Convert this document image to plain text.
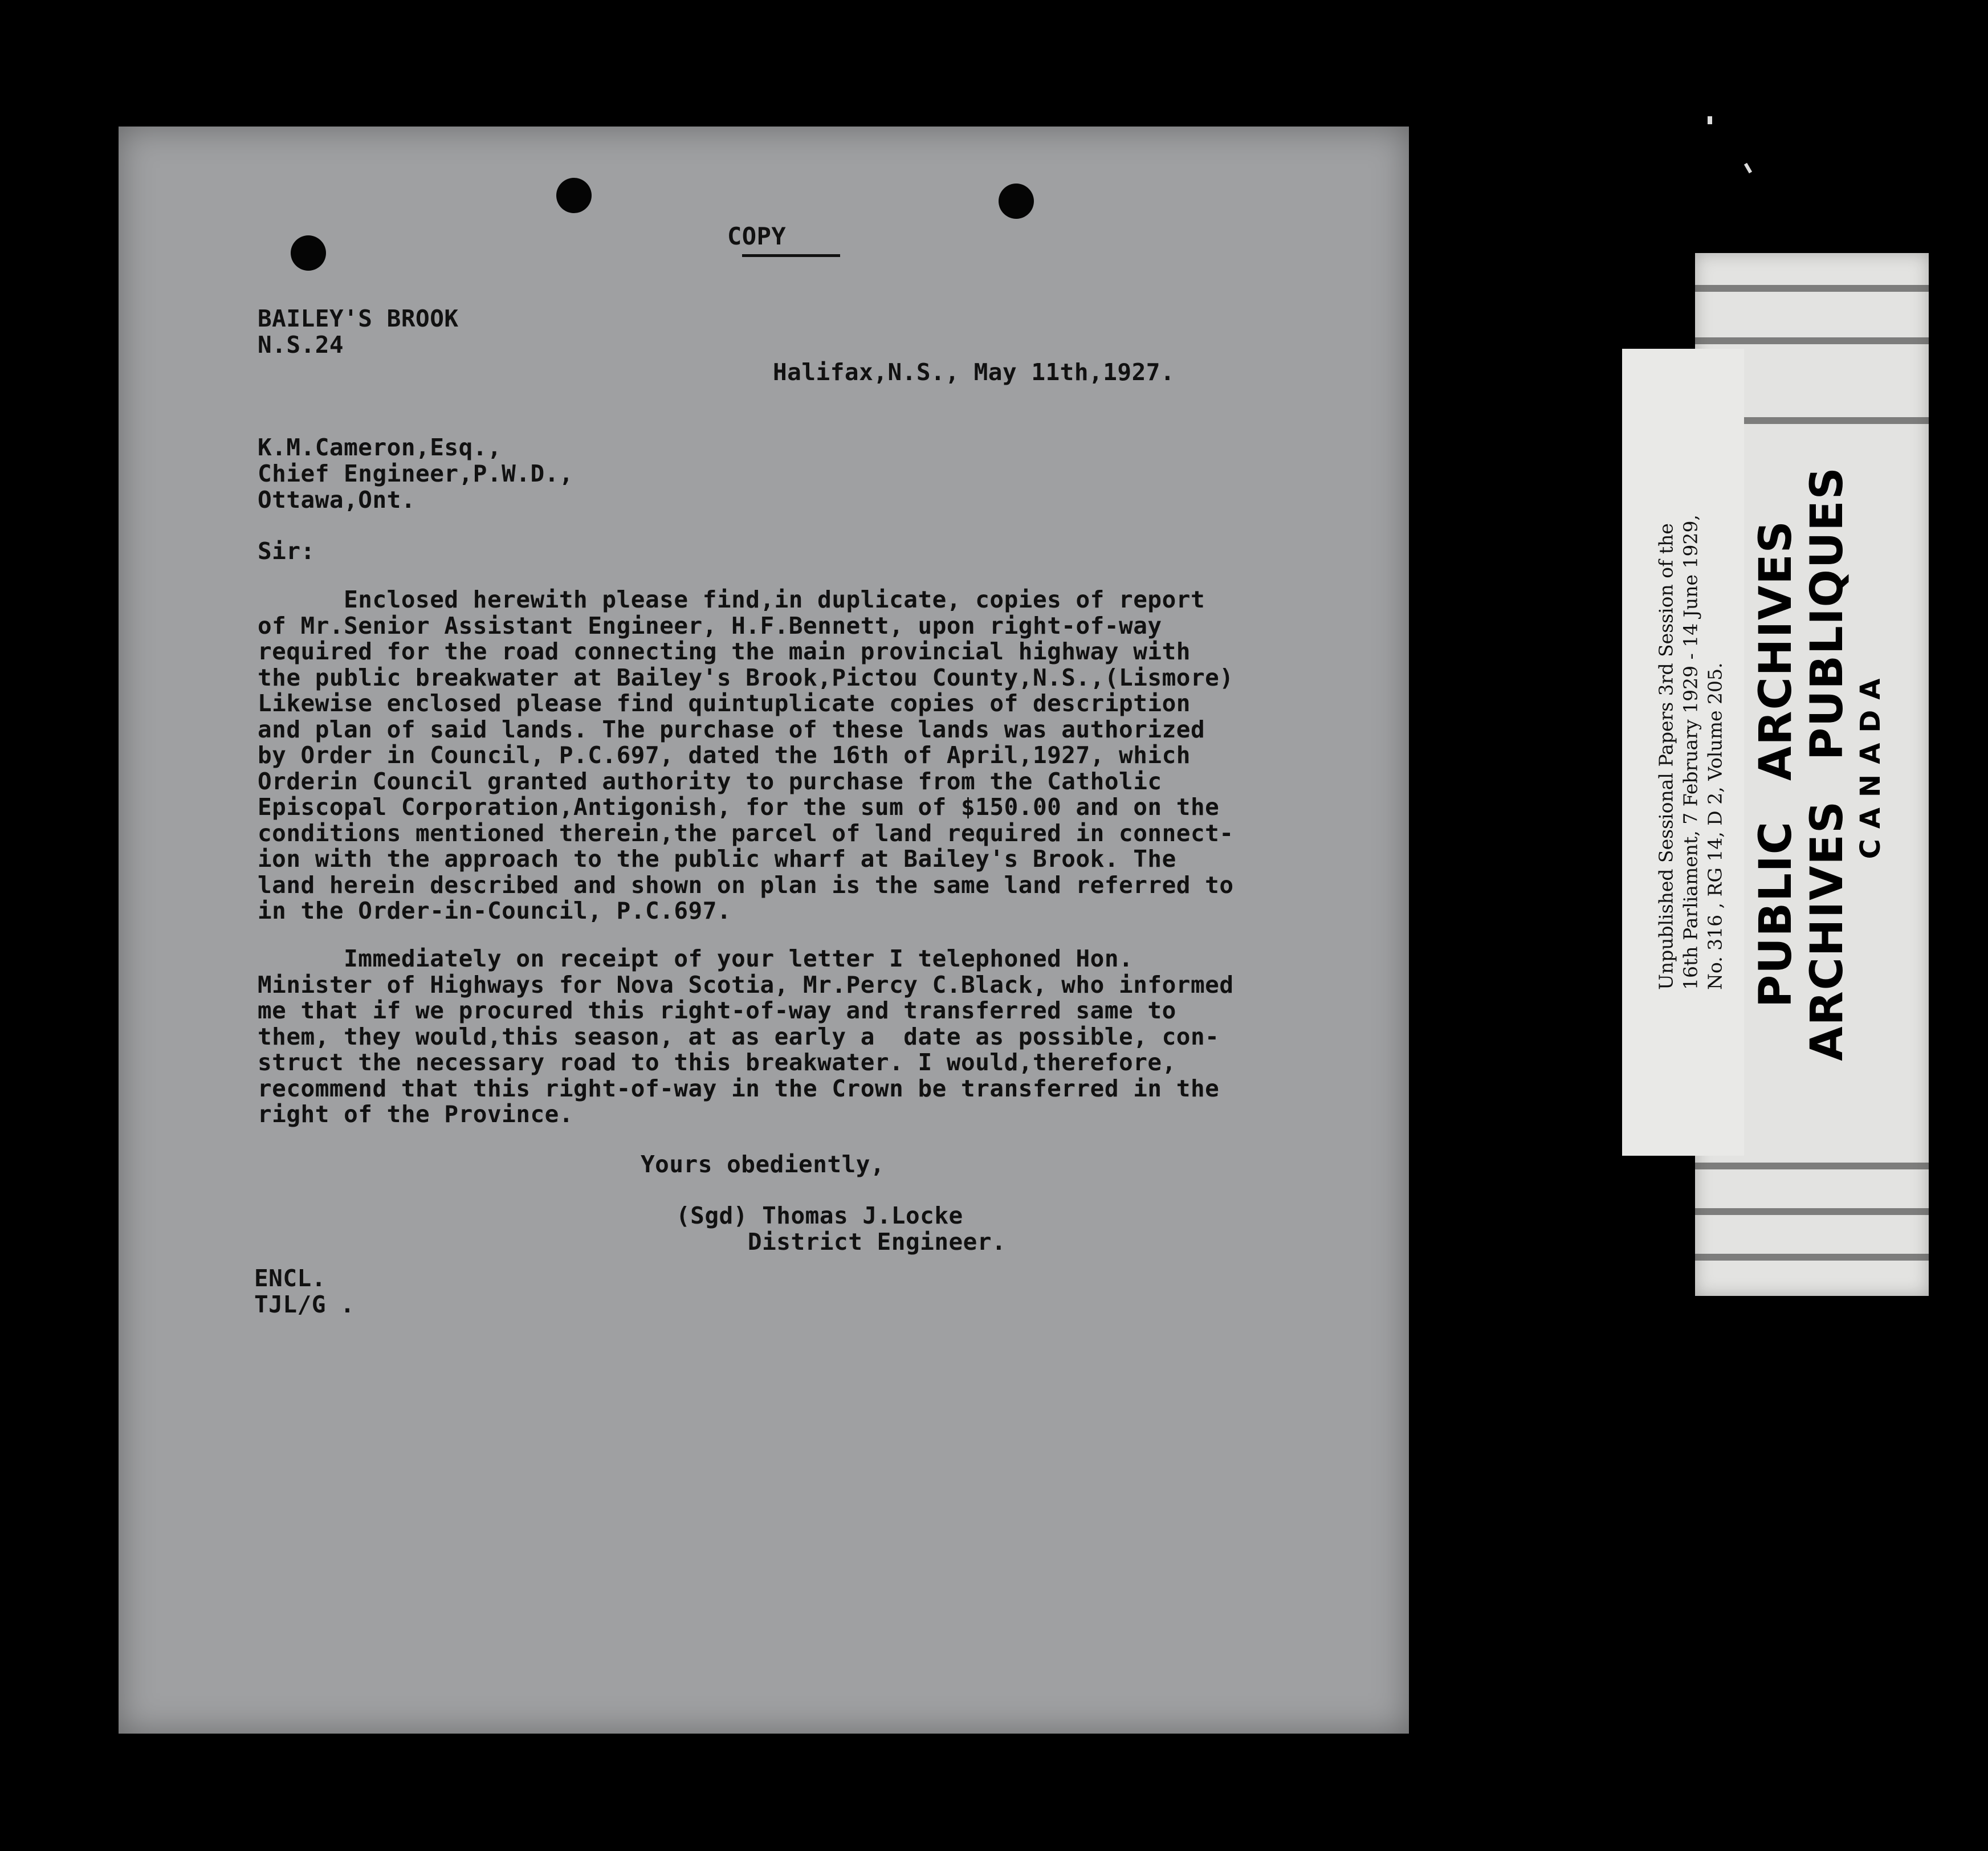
COPY
BAILEY'S BROOK
N.S.24
Halifax,N.S., May 11th,1927.
K.M.Cameron,Esq.,
Chief Engineer,P.W.D.,
Ottawa,Ont.
Sir:
Enclosed herewith please find,in duplicate, copies of report
of Mr.Senior Assistant Engineer, H.F.Bennett, upon right-of-way
required for the road connecting the main provincial highway with
the public breakwater at Bailey's Brook,Pictou County,N.S.,(Lismore)
Likewise enclosed please find quintuplicate copies of description
and plan of said lands. The purchase of these lands was authorized
by Order in Council, P.C.697, dated the 16th of April,1927, which
Orderin Council granted authority to purchase from the Catholic
Episcopal Corporation,Antigonish, for the sum of $150.00 and on the
conditions mentioned therein,the parcel of land required in connect-
ion with the approach to the public wharf at Bailey's Brook. The
land herein described and shown on plan is the same land referred to
in the Order-in-Council, P.C.697.
Immediately on receipt of your letter I telephoned Hon.
Minister of Highways for Nova Scotia, Mr.Percy C.Black, who informed
me that if we procured this right-of-way and transferred same to
them, they would,this season, at as early a  date as possible, con-
struct the necessary road to this breakwater. I would,therefore,
recommend that this right-of-way in the Crown be transferred in the
right of the Province.
Yours obediently,
(Sgd) Thomas J.Locke
District Engineer.
ENCL.
TJL/G .
PUBLICARCHIVES
ARCHIVESPUBLIQUES
CANADA
Unpublished Sessional Papers 3rd Session of the 16th Parliament, 7 February 1929 - 14 June 1929, No. 316 , RG 14, D 2, Volume 205.
